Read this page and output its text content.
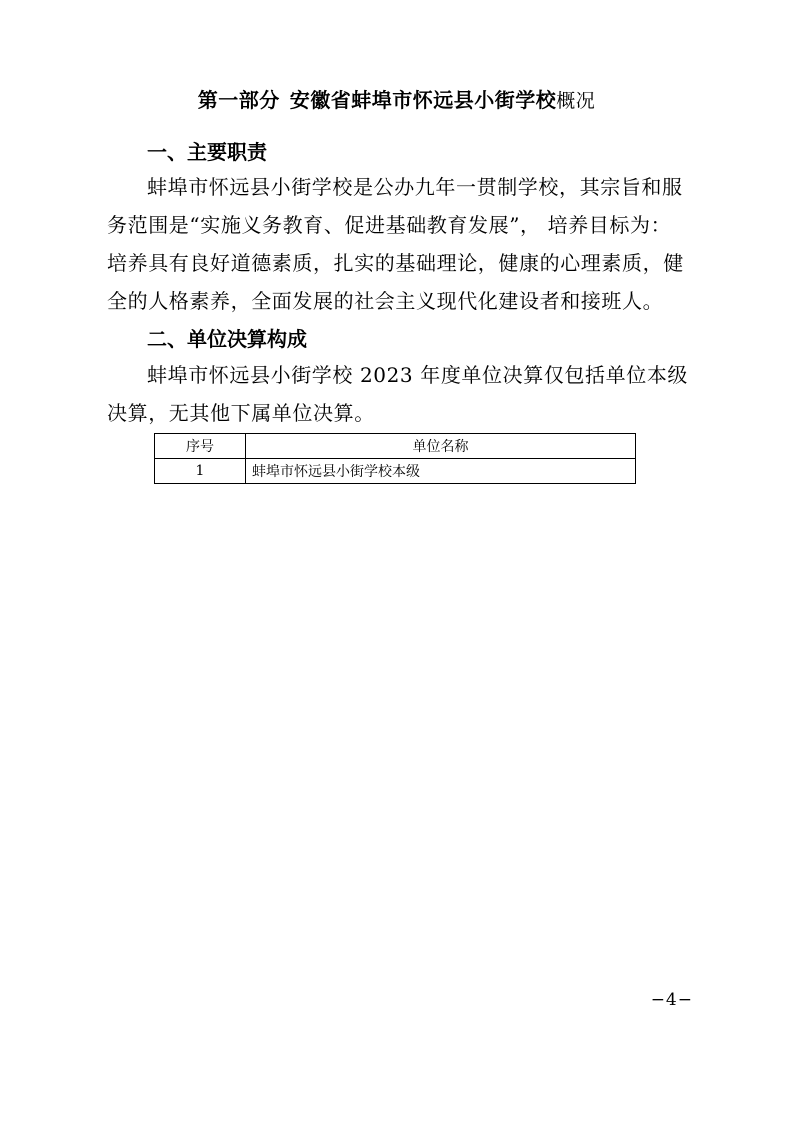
第一部分 安徽省蚌埠市怀远县小街学校概况
一、主要职责
蚌埠市怀远县小街学校是公办九年一贯制学校，其宗旨和服
务范围是“实施义务教育、促进基础教育发展”， 培养目标为：
培养具有良好道德素质，扎实的基础理论，健康的心理素质，健
全的人格素养，全面发展的社会主义现代化建设者和接班人。
二、单位决算构成
蚌埠市怀远县小街学校 2023 年度单位决算仅包括单位本级
决算，无其他下属单位决算。
序号	单位名称
1	蚌埠市怀远县小街学校本级
−4−
